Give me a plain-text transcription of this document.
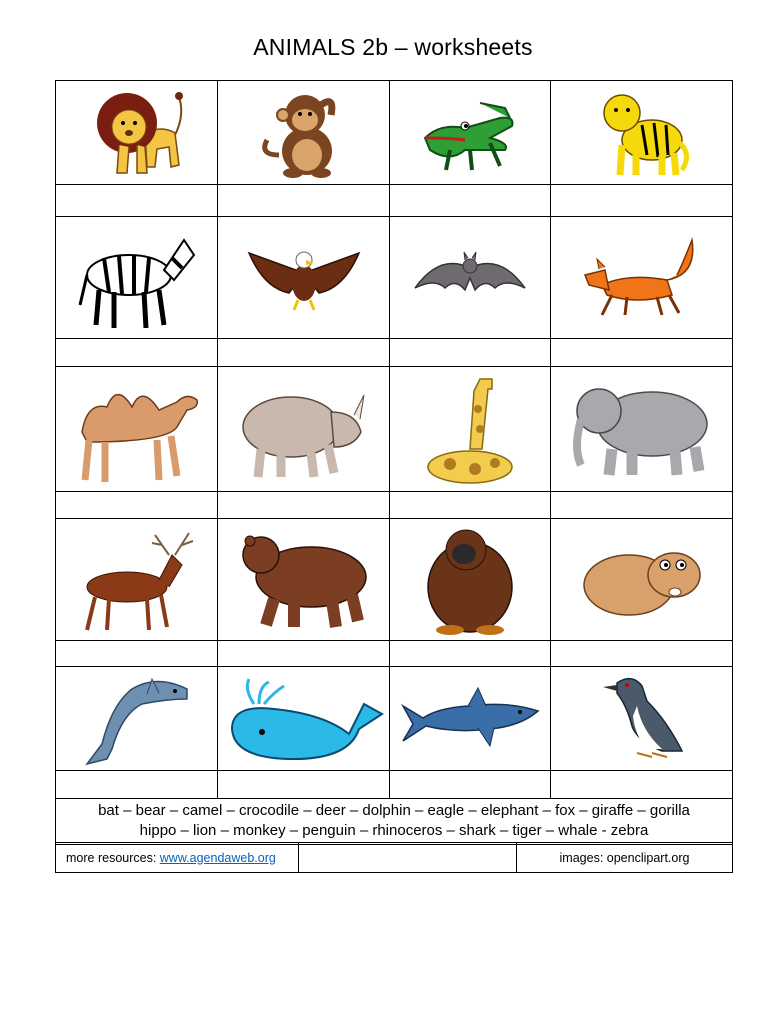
ANIMALS 2b – worksheets

bat – bear – camel – crocodile – deer – dolphin – eagle – elephant – fox – giraffe – gorilla
hippo – lion – monkey – penguin – rhinoceros – shark – tiger – whale - zebra			
more resources: www.agendaweb.org		images: openclipart.org
